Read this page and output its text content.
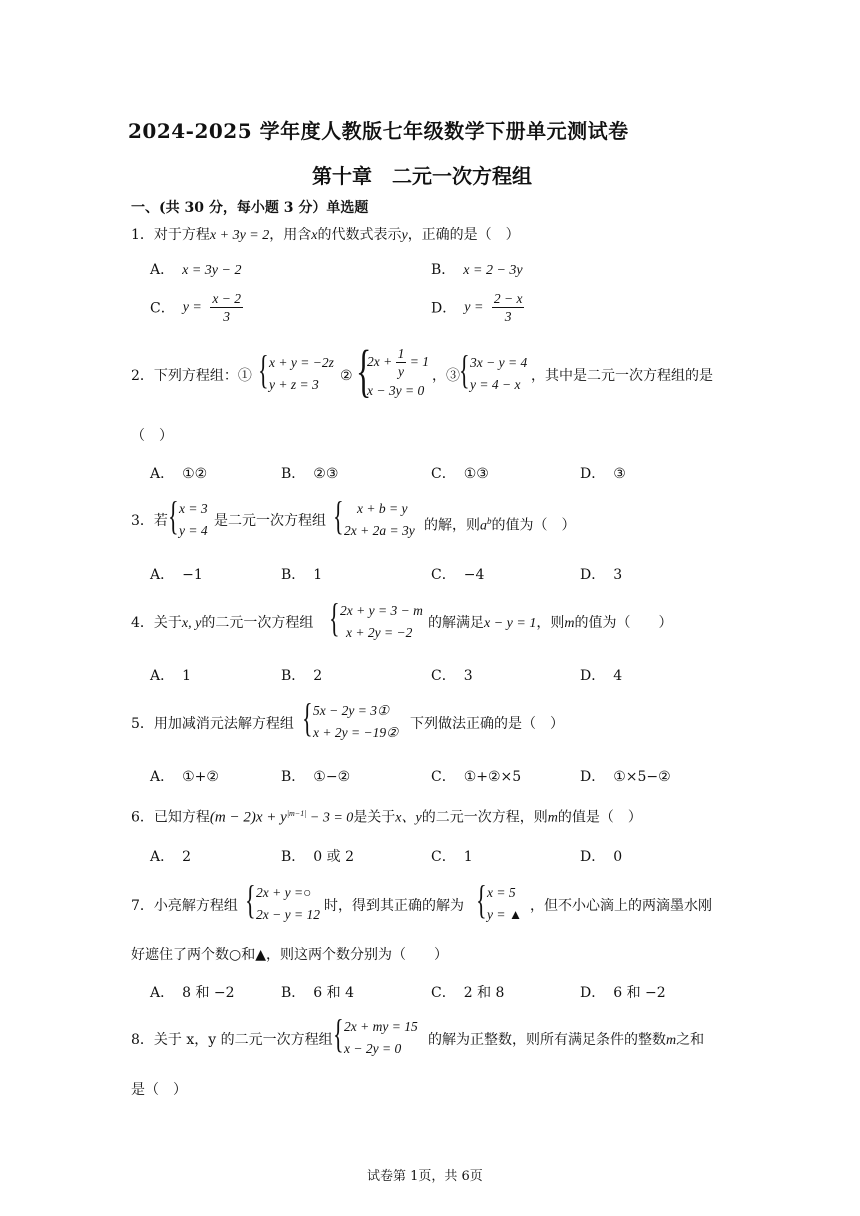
2024-2025 学年度人教版七年级数学下册单元测试卷
第十章　二元一次方程组
一、(共 30 分，每小题 3 分）单选题
1．对于方程x + 3y = 2，用含x的代数式表示y，正确的是（　）
A． x = 3y − 2	B． x = 2 − 3y
C． $y = \frac{x - 2}{3}$	D． $y = \frac{2 - x}{3}$
2．下列方程组：① { x + y = −2z
y + z = 3
② {
$2x + \frac{1}{y} = 1$
x − 3y = 0
，③ { 3x − y = 4
y = 4 − x
，其中是二元一次方程组的是
（　）
A． ①②	B． ②③	C． ①③	D． ③
3．若 { x = 3
y = 4
是二元一次方程组 { x + b = y
2x + 2a = 3y 的解，则$a^b$的值为（　）
A． −1	B． 1	C． −4	D． 3
4．关于x, y的二元一次方程组 { 2x + y = 3 − m
x + 2y = −2
的解满足x − y = 1，则m的值为（　　）
A． 1	B． 2	C． 3	D． 4
5．用加减消元法解方程组 { 5x − 2y = 3①
x + 2y = −19②
下列做法正确的是（　）
A． ①+②	B． ①−②	C． ①+②×5	D． ①×5−②
6．已知方程$(m - 2)x + y^{|m-1|} - 3 = 0$是关于x、y的二元一次方程，则m的值是（　）
A． 2	B． 0 或 2	C． 1	D． 0
7．小亮解方程组 { 2x + y =○
2x − y = 12
时，得到其正确的解为 { x = 5
y = ▲
，但不小心滴上的两滴墨水刚
好遮住了两个数○和▲，则这两个数分别为（　　）
A． 8 和 −2	B． 6 和 4	C． 2 和 8	D． 6 和 −2
8．关于 x，y 的二元一次方程组 { 2x + my = 15
x − 2y = 0
的解为正整数，则所有满足条件的整数m之和
是（　）
试卷第 1页，共 6页
